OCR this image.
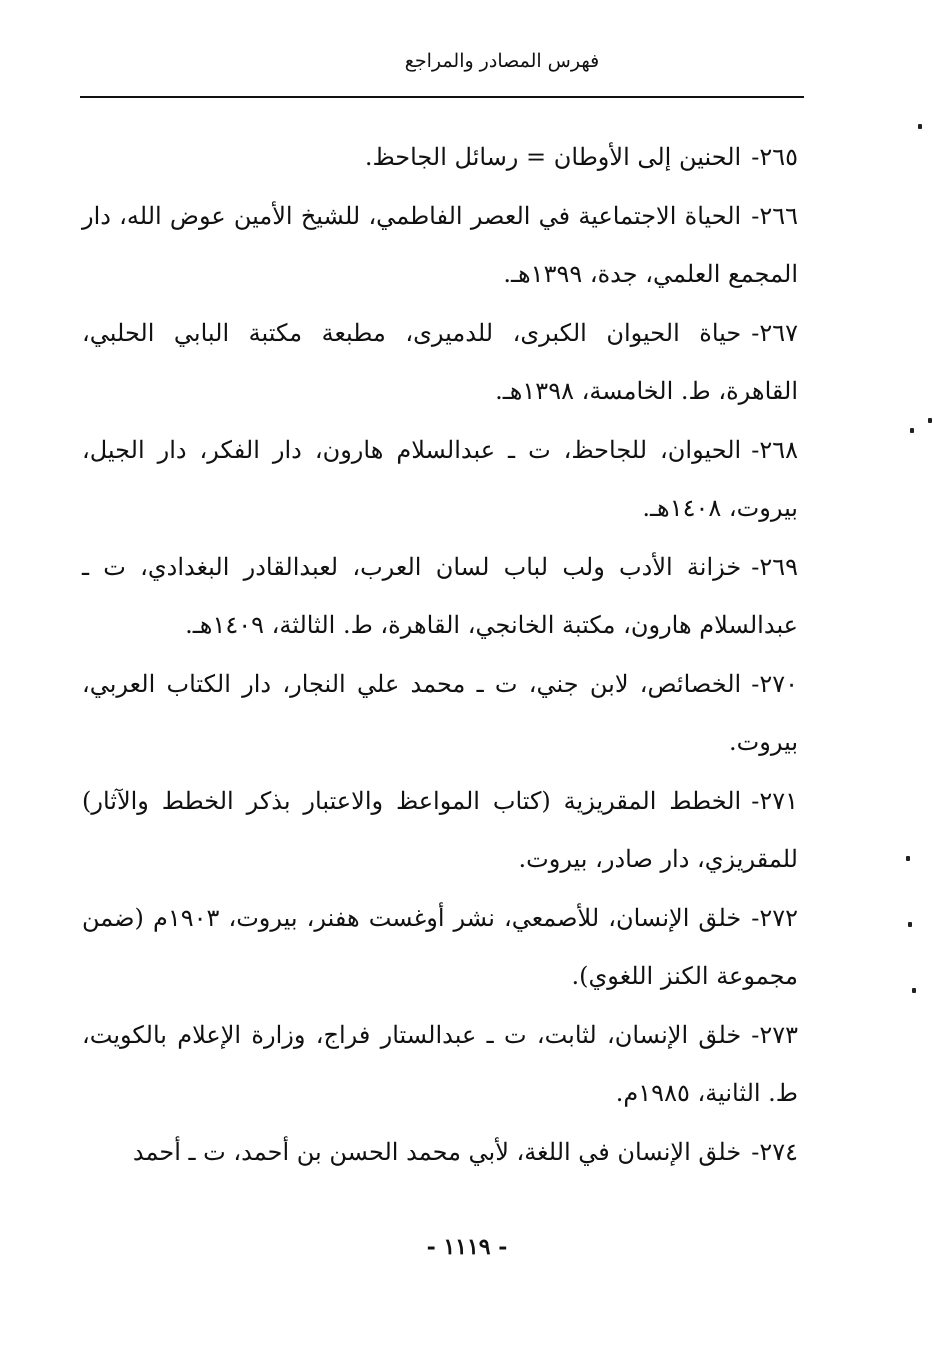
فهرس المصادر والمراجع
٢٦٥-الحنين إلى الأوطان = رسائل الجاحظ.
٢٦٦-الحياة الاجتماعية في العصر الفاطمي، للشيخ الأمين عوض الله، دار المجمع العلمي، جدة، ١٣٩٩هـ.
٢٦٧-حياة الحيوان الكبرى، للدميرى، مطبعة مكتبة البابي الحلبي، القاهرة، ط. الخامسة، ١٣٩٨هـ.
٢٦٨-الحيوان، للجاحظ، ت ـ عبدالسلام هارون، دار الفكر، دار الجيل، بيروت، ١٤٠٨هـ.
٢٦٩-خزانة الأدب ولب لباب لسان العرب، لعبدالقادر البغدادي، ت ـ عبدالسلام هارون، مكتبة الخانجي، القاهرة، ط. الثالثة، ١٤٠٩هـ.
٢٧٠-الخصائص، لابن جني، ت ـ محمد علي النجار، دار الكتاب العربي، بيروت.
٢٧١-الخطط المقريزية (كتاب المواعظ والاعتبار بذكر الخطط والآثار) للمقريزي، دار صادر، بيروت.
٢٧٢-خلق الإنسان، للأصمعي، نشر أوغست هفنر، بيروت، ١٩٠٣م (ضمن مجموعة الكنز اللغوي).
٢٧٣-خلق الإنسان، لثابت، ت ـ عبدالستار فراج، وزارة الإعلام بالكويت، ط. الثانية، ١٩٨٥م.
٢٧٤-خلق الإنسان في اللغة، لأبي محمد الحسن بن أحمد، ت ـ أحمد
- ١١١٩ -
